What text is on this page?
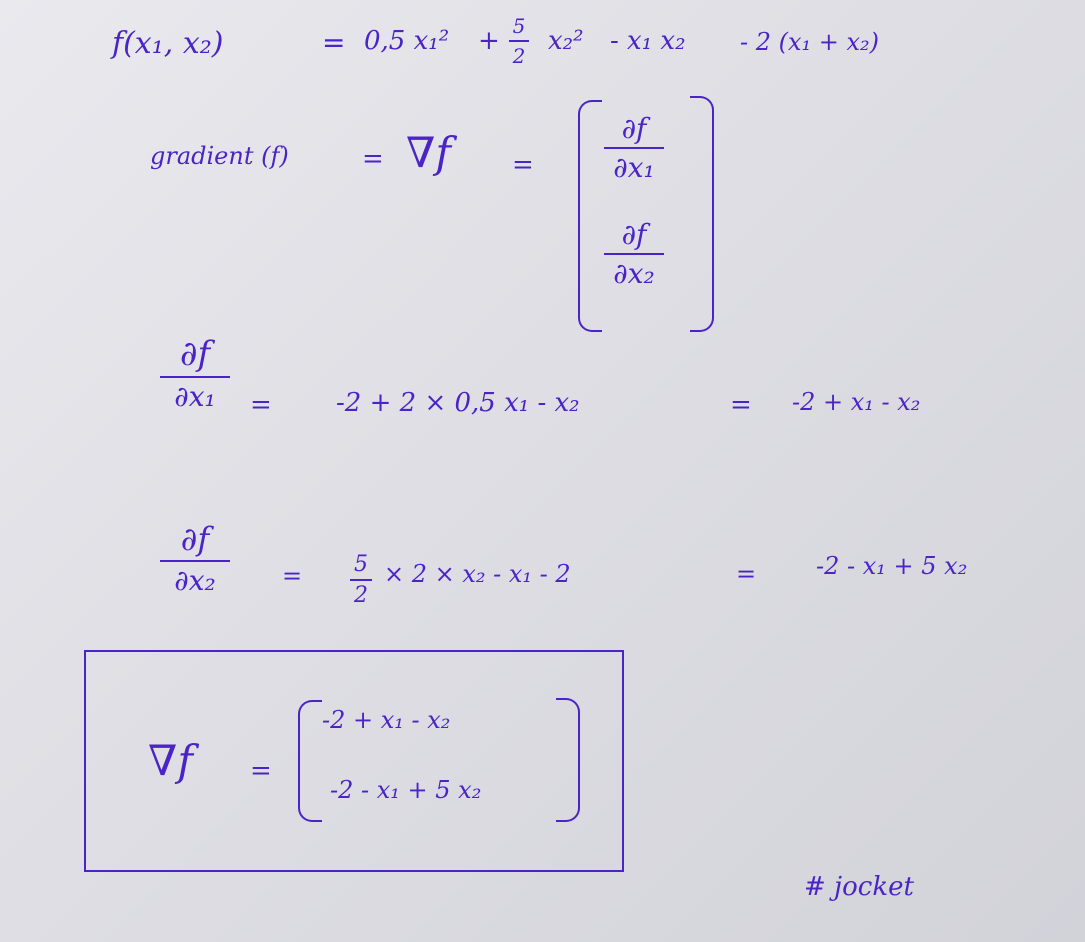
f(x₁, x₂)	= 0,5 x₁² + 5
2 x₂² - x₁ x₂ - 2 (x₁ + x₂)
gradient (f)	= ∇f =
∂f
∂x₁
∂f
∂x₂
∂f
∂x₁	= -2 + 2 × 0,5 x₁ - x₂	= -2 + x₁ - x₂
∂f
∂x₂	=	5
2
× 2 × x₂ - x₁ - 2	= -2 - x₁ + 5 x₂
∇f =
-2 + x₁ - x₂
-2 - x₁ + 5 x₂
# jocket
